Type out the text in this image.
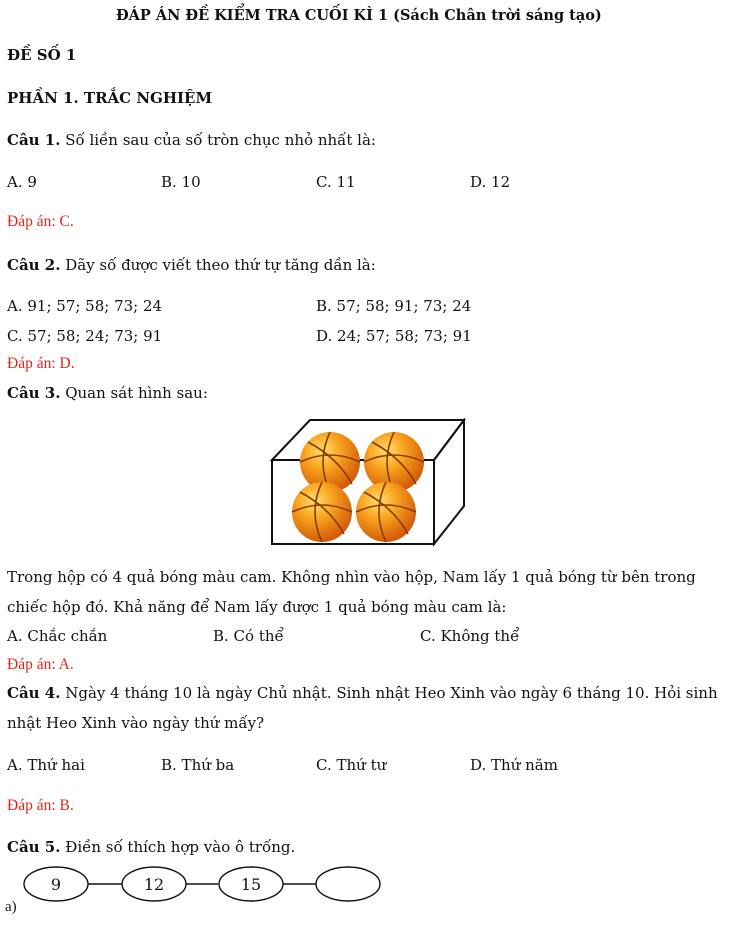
ĐÁP ÁN ĐỀ KIỂM TRA CUỐI KÌ 1 (Sách Chân trời sáng tạo)
ĐỀ SỐ 1
PHẦN 1. TRẮC NGHIỆM
Câu 1. Số liền sau của số tròn chục nhỏ nhất là:
A. 9	B. 10	C. 11	D. 12
Đáp án: C.
Câu 2. Dãy số được viết theo thứ tự tăng dần là:
A. 91; 57; 58; 73; 24	B. 57; 58; 91; 73; 24
C. 57; 58; 24; 73; 91	D. 24; 57; 58; 73; 91
Đáp án: D.
Câu 3. Quan sát hình sau:
Trong hộp có 4 quả bóng màu cam. Không nhìn vào hộp, Nam lấy 1 quả bóng từ bên trong
chiếc hộp đó. Khả năng để Nam lấy được 1 quả bóng màu cam là:
A. Chắc chắn	B. Có thể	C. Không thể
Đáp án: A.
Câu 4. Ngày 4 tháng 10 là ngày Chủ nhật. Sinh nhật Heo Xinh vào ngày 6 tháng 10. Hỏi sinh
nhật Heo Xinh vào ngày thứ mấy?
A. Thứ hai	B. Thứ ba	C. Thứ tư	D. Thứ năm
Đáp án: B.
Câu 5. Điền số thích hợp vào ô trống.
a)
9	12	15
